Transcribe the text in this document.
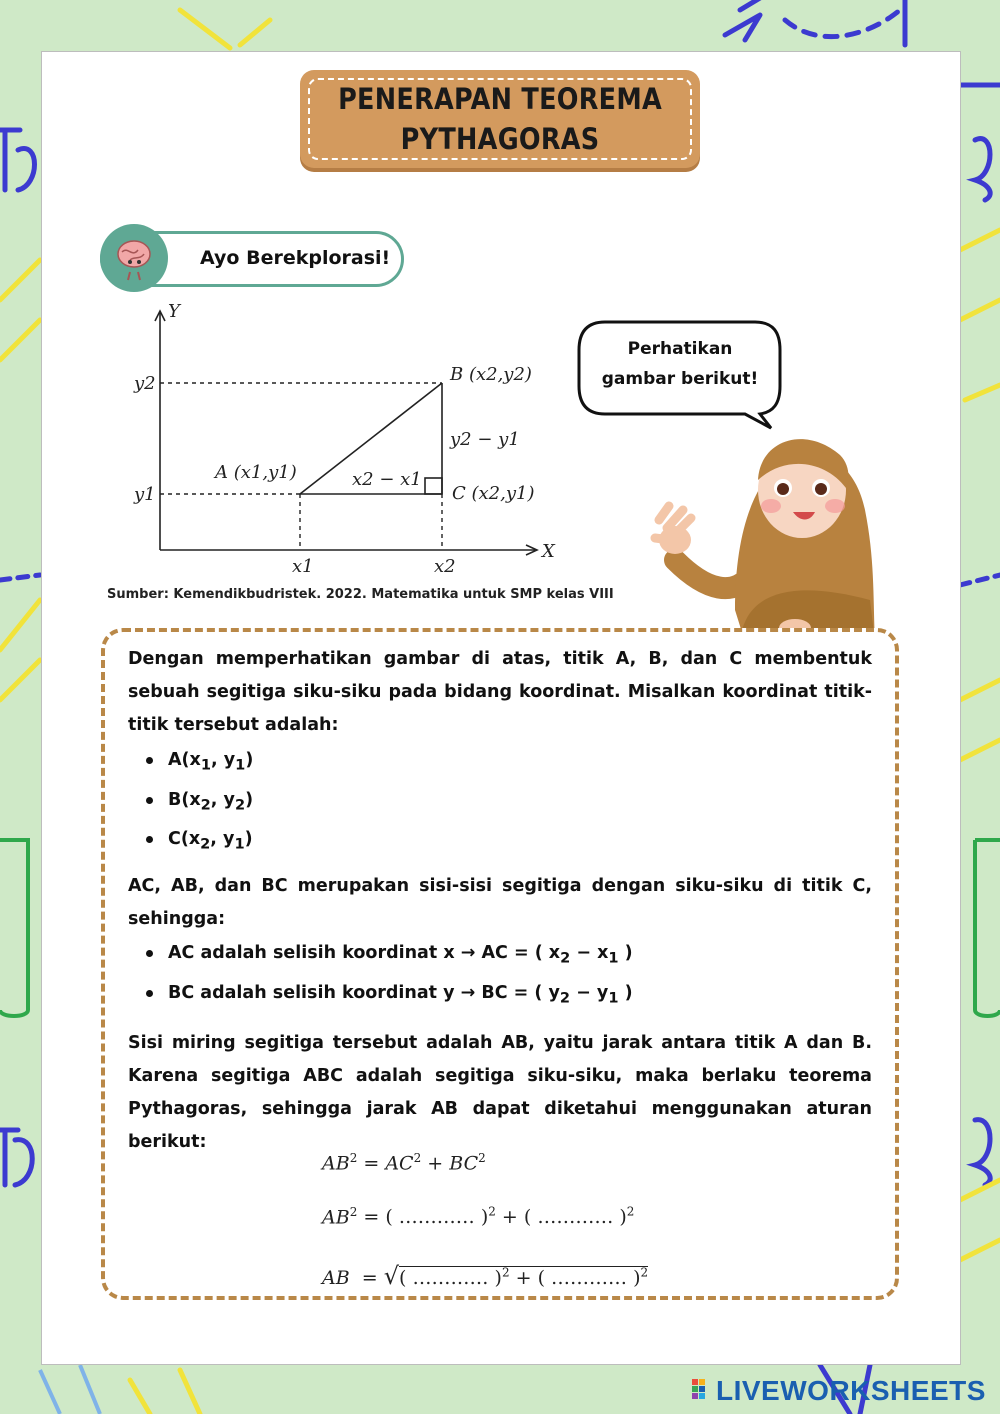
PENERAPAN TEOREMA
PYTHAGORAS
Ayo Berekplorasi!
Y
X
y2
y1
x1	x2
A (x1,y1)
B (x2,y2)
C (x2,y1)
x2 − x1
y2 − y1
Sumber: Kemendikbudristek. 2022. Matematika untuk SMP kelas VIII
Perhatikan
gambar berikut!
Dengan memperhatikan gambar di atas, titik A, B, dan C membentuk sebuah segitiga siku-siku pada bidang koordinat. Misalkan koordinat titik-titik tersebut adalah:
$A(x_1$, $y_1$)
$B(x_2$, $y_2$)
$C(x_2$, $y_1$)
AC, AB, dan BC merupakan sisi-sisi segitiga dengan siku-siku di titik C, sehingga:
AC adalah selisih koordinat x → AC = ( $x_2 - x_1$ )
BC adalah selisih koordinat y → BC = ( $y_2 - y_1$ )
Sisi miring segitiga tersebut adalah AB, yaitu jarak antara titik A dan B. Karena segitiga ABC adalah segitiga siku-siku, maka berlaku teorema Pythagoras, sehingga jarak AB dapat diketahui menggunakan aturan berikut:
$AB^2 = AC^2 + BC^2$
$AB^2$ = ( ………… )$^2$ + ( ………… )$^2$
AB  = √( ………… )$^2$ + ( ………… )$^2$
LIVEWORKSHEETS
